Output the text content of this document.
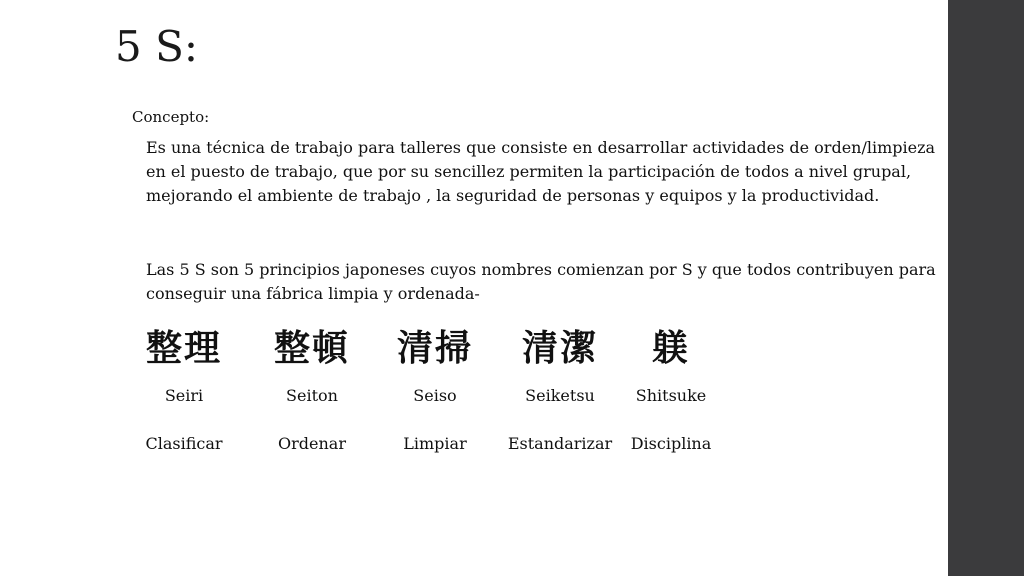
5 S:
Concepto:
Es una técnica de trabajo para talleres que consiste en desarrollar actividades de orden/limpieza en el puesto de trabajo, que por su sencillez permiten la participación de todos a nivel grupal, mejorando el ambiente de trabajo , la seguridad de personas y equipos y la productividad.
Las 5 S son 5 principios japoneses cuyos nombres comienzan por S y que todos contribuyen para conseguir una fábrica limpia y ordenada-
整理
Seiri
Clasificar
整頓
Seiton
Ordenar
清掃
Seiso
Limpiar
清潔
Seiketsu
Estandarizar
躾
Shitsuke
Disciplina
